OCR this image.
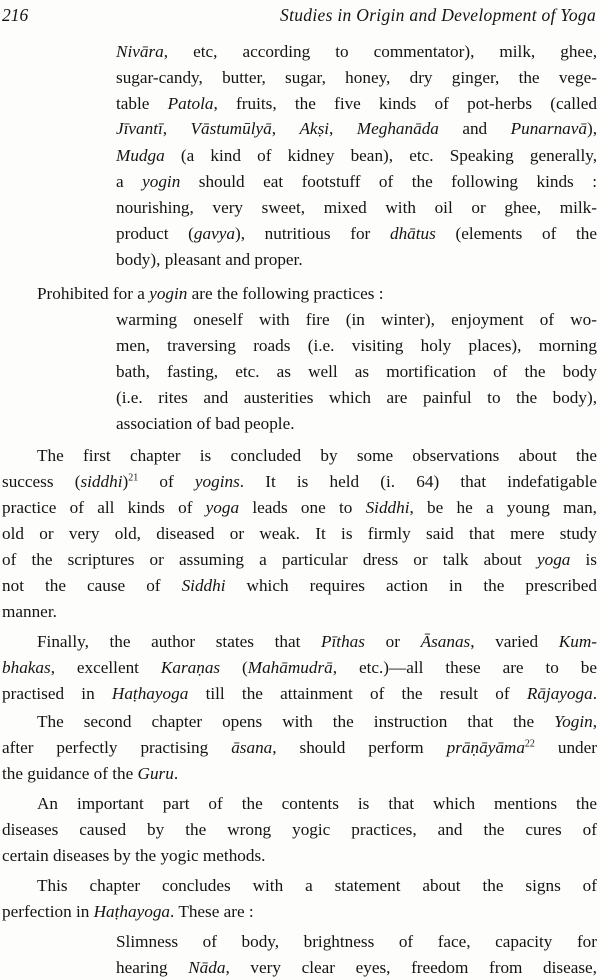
216	Studies in Origin and Development of Yoga
Nivāra, etc, according to commentator), milk, ghee,
sugar-candy, butter, sugar, honey, dry ginger, the vege-
table Patola, fruits, the five kinds of pot-herbs (called
Jīvantī, Vāstumūlyā, Akṣi, Meghanāda and Punarnavā),
Mudga (a kind of kidney bean), etc. Speaking generally,
a yogin should eat footstuff of the following kinds :
nourishing, very sweet, mixed with oil or ghee, milk-
product (gavya), nutritious for dhātus (elements of the
body), pleasant and proper.
Prohibited for a yogin are the following practices :
warming oneself with fire (in winter), enjoyment of wo-
men, traversing roads (i.e. visiting holy places), morning
bath, fasting, etc. as well as mortification of the body
(i.e. rites and austerities which are painful to the body),
association of bad people.
The first chapter is concluded by some observations about the
success (siddhi)$^{21}$ of yogins. It is held (i. 64) that indefatigable
practice of all kinds of yoga leads one to Siddhi, be he a young man,
old or very old, diseased or weak. It is firmly said that mere study
of the scriptures or assuming a particular dress or talk about yoga is
not the cause of Siddhi which requires action in the prescribed
manner.
Finally, the author states that Pīthas or Āsanas, varied Kum-
bhakas, excellent Karaṇas (Mahāmudrā, etc.)—all these are to be
practised in Haṭhayoga till the attainment of the result of Rājayoga.
The second chapter opens with the instruction that the Yogin,
after perfectly practising āsana, should perform prāṇāyāma$^{22}$ under
the guidance of the Guru.
An important part of the contents is that which mentions the
diseases caused by the wrong yogic practices, and the cures of
certain diseases by the yogic methods.
This chapter concludes with a statement about the signs of
perfection in Haṭhayoga. These are :
Slimness of body, brightness of face, capacity for
hearing Nāda, very clear eyes, freedom from disease,
